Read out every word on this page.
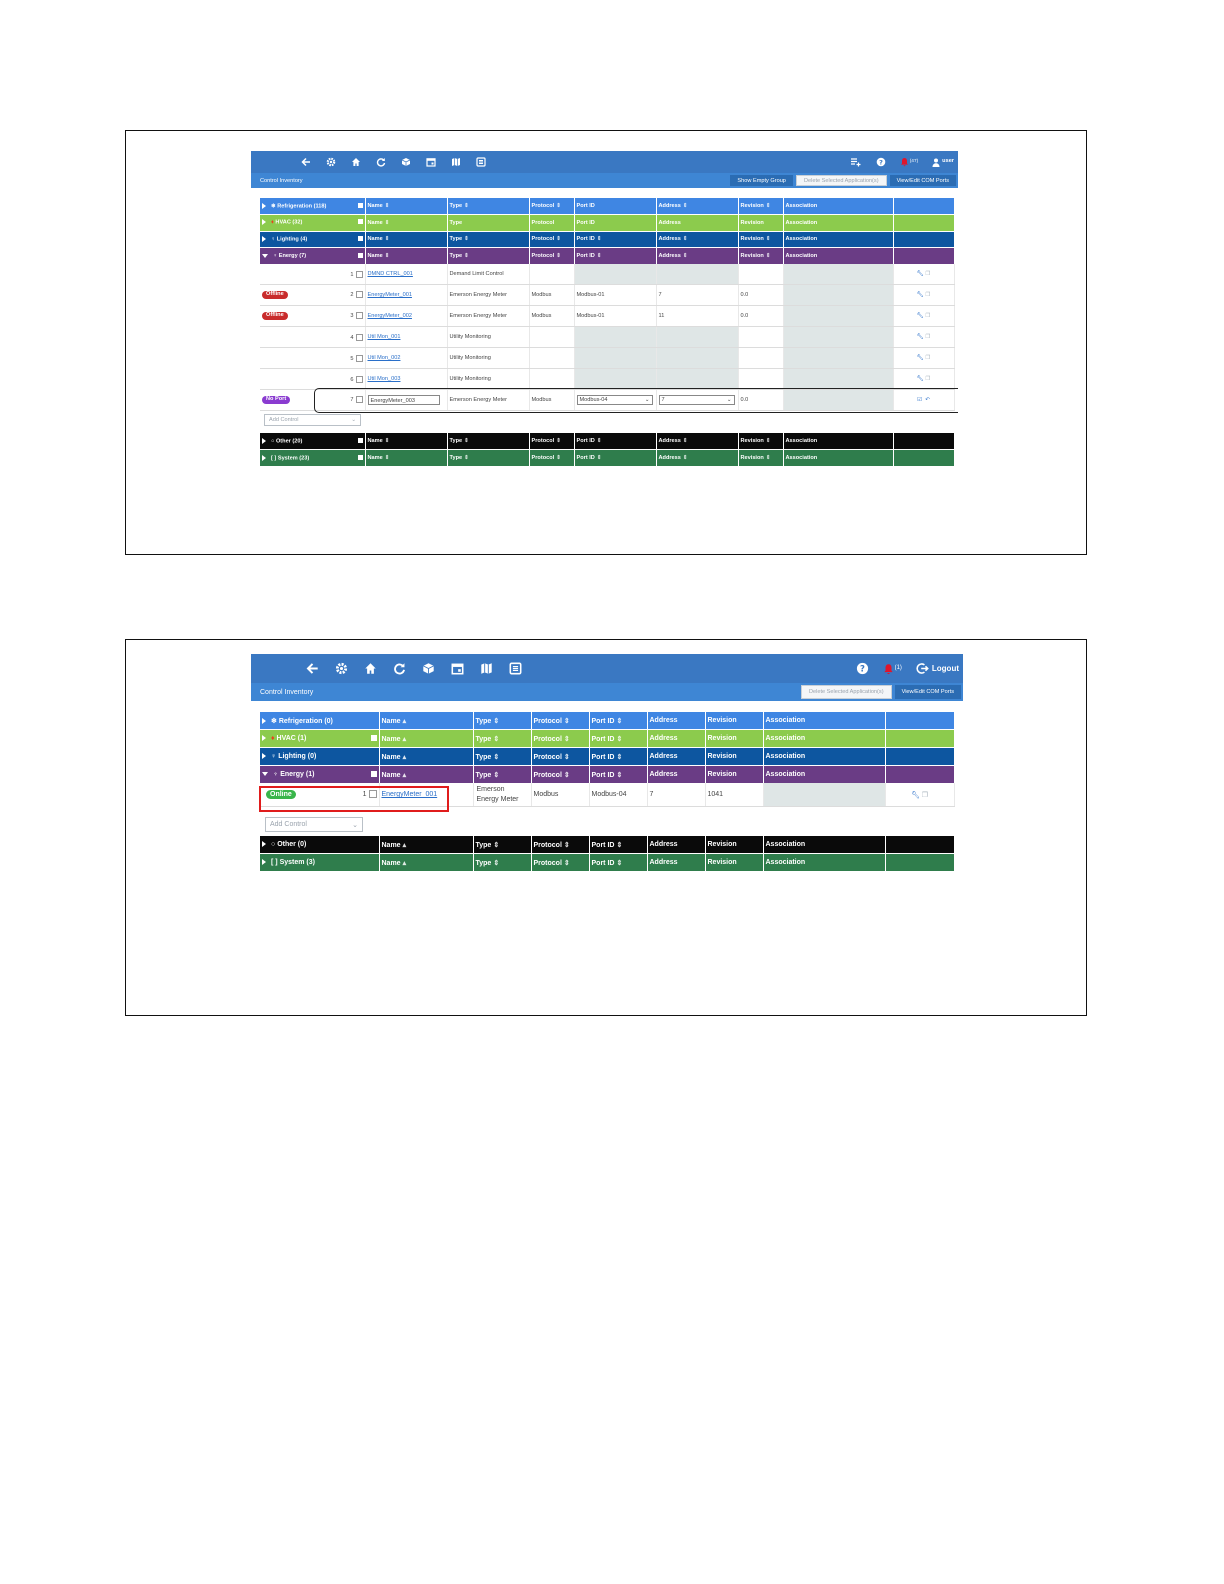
?	(47)	user
Control Inventory	Show Empty Group	Delete Selected Application(s)	View/Edit COM Ports
❄ Refrigeration (118)	Name ⇕	Type ⇕	Protocol ⇕	Port ID	Address ⇕	Revision ⇕	Association	

♦ HVAC (32)	Name ⇕	Type	Protocol	Port ID	Address	Revision	Association	

♀ Lighting (4)	Name ⇕	Type ⇕	Protocol ⇕	Port ID ⇕	Address ⇕	Revision ⇕	Association	

♆ Energy (7)	Name ⇕	Type ⇕	Protocol ⇕	Port ID ⇕	Address ⇕	Revision ⇕	Association	
1	DMND CTRL_001	Demand Limit Control						🔧︎ ❐

Offline 2	EnergyMeter_001	Emerson Energy Meter	Modbus	Modbus-01	7	0.0		🔧︎ ❐

Offline 3	EnergyMeter_002	Emerson Energy Meter	Modbus	Modbus-01	11	0.0		🔧︎ ❐
4	Util Mon_001	Utility Monitoring						🔧︎ ❐
5	Util Mon_002	Utility Monitoring						🔧︎ ❐
6	Util Mon_003	Utility Monitoring						🔧︎ ❐

No Port 7	EnergyMeter_003	Emerson Energy Meter	Modbus	Modbus-04 ⌄	7 ⌄	0.0		☑ ↶

○ Other (20)	Name ⇕	Type ⇕	Protocol ⇕	Port ID ⇕	Address ⇕	Revision ⇕	Association	

[ ] System (23)	Name ⇕	Type ⇕	Protocol ⇕	Port ID ⇕	Address ⇕	Revision ⇕	Association	
Add Control	⌄
?	(1)	Logout
Control Inventory	Delete Selected Application(s)	View/Edit COM Ports
❄ Refrigeration (0)	Name ▴	Type ⇕	Protocol ⇕	Port ID ⇕	Address	Revision	Association	

♦ HVAC (1)	Name ▴	Type ⇕	Protocol ⇕	Port ID ⇕	Address	Revision	Association	

♀ Lighting (0)	Name ▴	Type ⇕	Protocol ⇕	Port ID ⇕	Address	Revision	Association	

♆ Energy (1)	Name ▴	Type ⇕	Protocol ⇕	Port ID ⇕	Address	Revision	Association	

Online 1	EnergyMeter_001	Emerson
Energy Meter	Modbus	Modbus-04	7	1041		🔧︎ ❐

○ Other (0)	Name ▴	Type ⇕	Protocol ⇕	Port ID ⇕	Address	Revision	Association	

[ ] System (3)	Name ▴	Type ⇕	Protocol ⇕	Port ID ⇕	Address	Revision	Association	
Add Control	⌄
